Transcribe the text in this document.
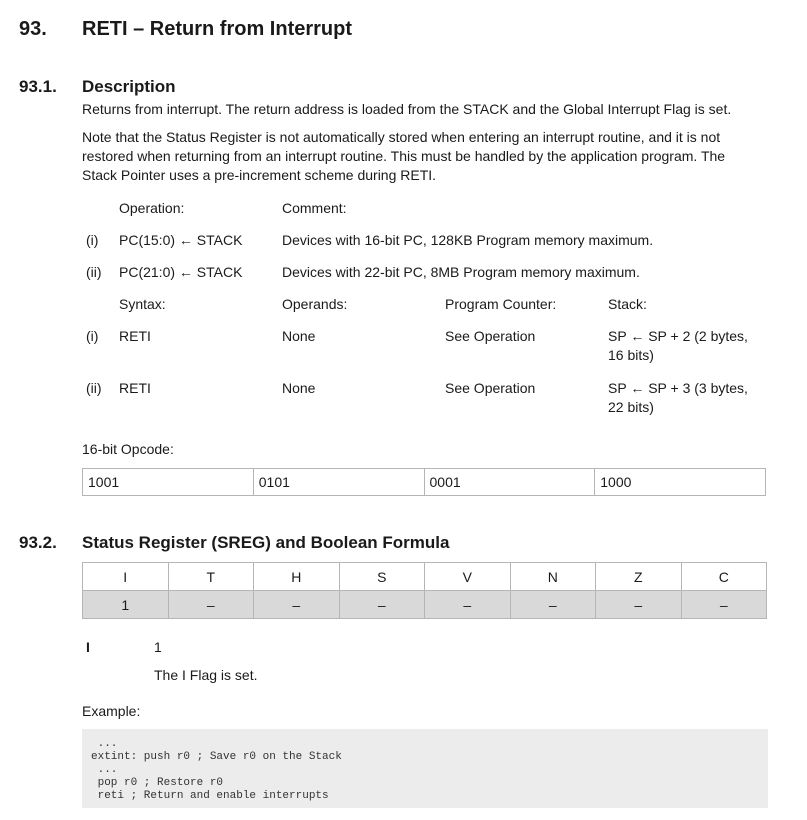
93. RETI – Return from Interrupt
93.1. Description
Returns from interrupt. The return address is loaded from the STACK and the Global Interrupt Flag is set.
Note that the Status Register is not automatically stored when entering an interrupt routine, and it is not
restored when returning from an interrupt routine. This must be handled by the application program. The
Stack Pointer uses a pre-increment scheme during RETI.
Operation:	Comment:
(i) PC(15:0) ← STACK	Devices with 16-bit PC, 128KB Program memory maximum.
(ii) PC(21:0) ← STACK	Devices with 22-bit PC, 8MB Program memory maximum.
Syntax:	Operands:	Program Counter:	Stack:
(i) RETI	None	See Operation	SP ← SP + 2 (2 bytes,
16 bits)
(ii) RETI	None	See Operation	SP ← SP + 3 (3 bytes,
22 bits)
16-bit Opcode:
1001	0101	0001	1000
93.2. Status Register (SREG) and Boolean Formula
I	T	H	S	V	N	Z	C
1	–	–	–	–	–	–	–
I	1
The I Flag is set.
Example:
...
extint: push r0 ; Save r0 on the Stack
...
pop r0 ; Restore r0
reti ; Return and enable interrupts
